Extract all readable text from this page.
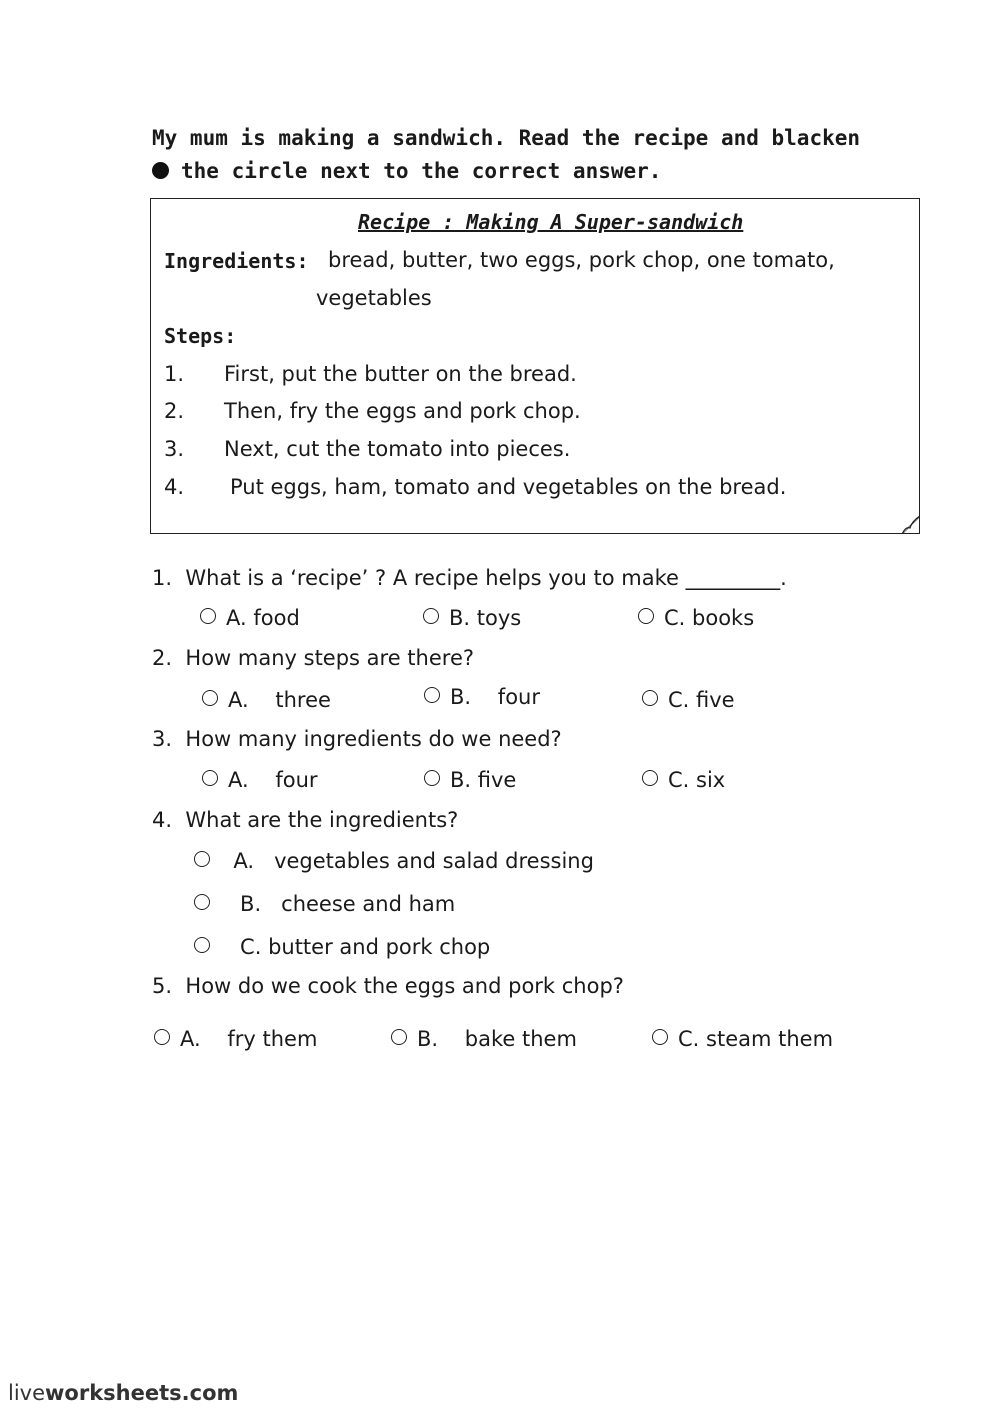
My mum is making a sandwich. Read the recipe and blacken
the circle next to the correct answer.
Recipe : Making A Super-sandwich
Ingredients: bread, butter, two eggs, pork chop, one tomato,
vegetables
Steps:
1. First, put the butter on the bread.
2. Then, fry the eggs and pork chop.
3. Next, cut the tomato into pieces.
4. Put eggs, ham, tomato and vegetables on the bread.
1. What is a ‘recipe’ ? A recipe helps you to make _________.
A. food	B. toys	C. books
2. How many steps are there?
A. three	B. four	C. five
3. How many ingredients do we need?
A. four	B. five	C. six
4. What are the ingredients?
A. vegetables and salad dressing
B. cheese and ham
C. butter and pork chop
5. How do we cook the eggs and pork chop?
A. fry them	B. bake them	C. steam them
liveworksheets.com
